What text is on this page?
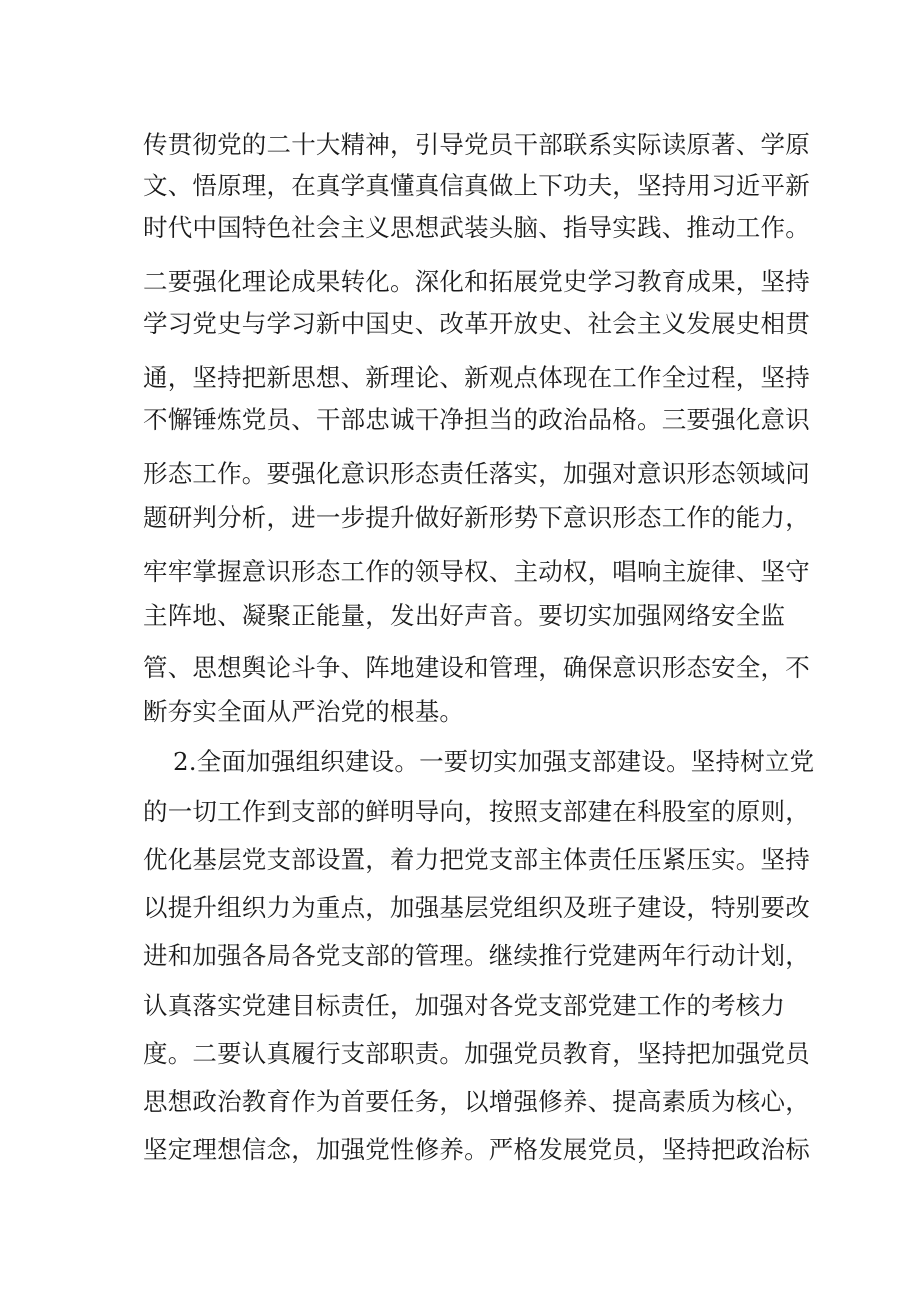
传贯彻党的二十大精神，引导党员干部联系实际读原著、学原
文、悟原理，在真学真懂真信真做上下功夫，坚持用习近平新
时代中国特色社会主义思想武装头脑、指导实践、推动工作。
二要强化理论成果转化。深化和拓展党史学习教育成果，坚持
学习党史与学习新中国史、改革开放史、社会主义发展史相贯
通，坚持把新思想、新理论、新观点体现在工作全过程，坚持
不懈锤炼党员、干部忠诚干净担当的政治品格。三要强化意识
形态工作。要强化意识形态责任落实，加强对意识形态领域问
题研判分析，进一步提升做好新形势下意识形态工作的能力，
牢牢掌握意识形态工作的领导权、主动权，唱响主旋律、坚守
主阵地、凝聚正能量，发出好声音。要切实加强网络安全监
管、思想舆论斗争、阵地建设和管理，确保意识形态安全，不
断夯实全面从严治党的根基。
2.全面加强组织建设。一要切实加强支部建设。坚持树立党
的一切工作到支部的鲜明导向，按照支部建在科股室的原则，
优化基层党支部设置，着力把党支部主体责任压紧压实。坚持
以提升组织力为重点，加强基层党组织及班子建设，特别要改
进和加强各局各党支部的管理。继续推行党建两年行动计划，
认真落实党建目标责任，加强对各党支部党建工作的考核力
度。二要认真履行支部职责。加强党员教育，坚持把加强党员
思想政治教育作为首要任务，以增强修养、提高素质为核心，
坚定理想信念，加强党性修养。严格发展党员，坚持把政治标
